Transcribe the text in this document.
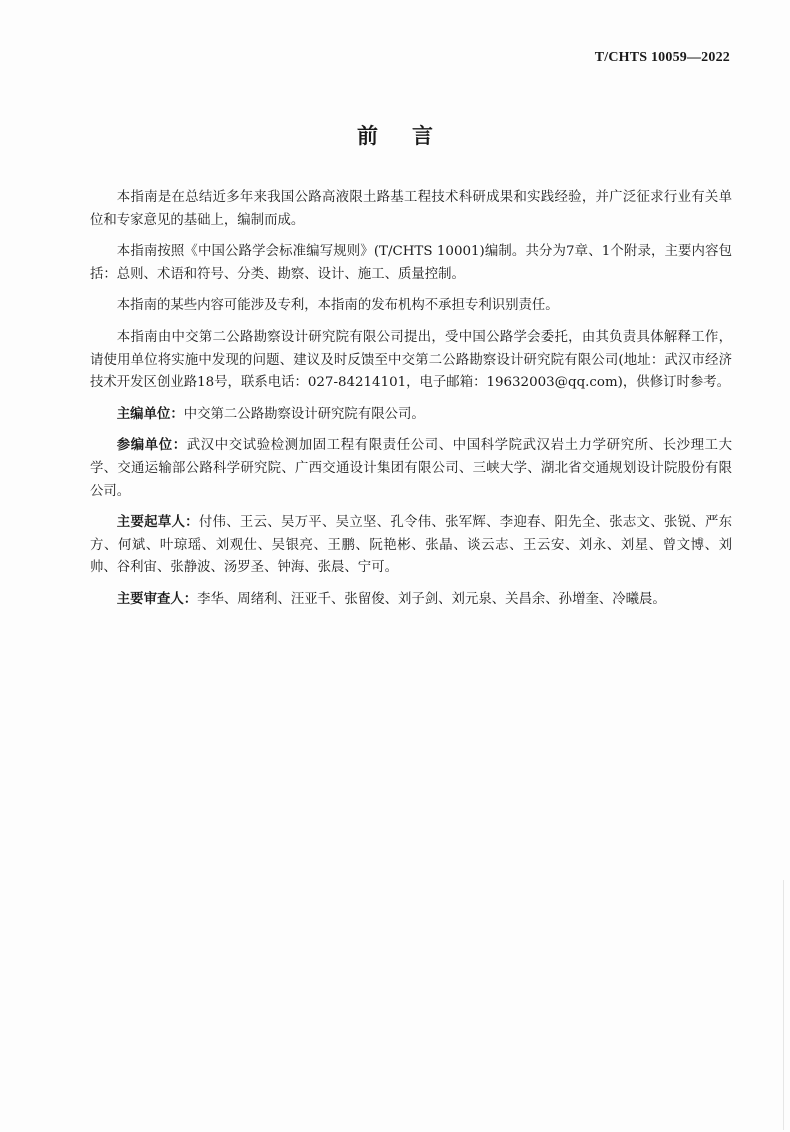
T/CHTS 10059—2022
前言

本指南是在总结近多年来我国公路高液限土路基工程技术科研成果和实践经验，并广泛征求行业有关单位和专家意见的基础上，编制而成。

本指南按照《中国公路学会标准编写规则》(T/CHTS 10001)编制。共分为7章、1个附录，主要内容包括：总则、术语和符号、分类、勘察、设计、施工、质量控制。

本指南的某些内容可能涉及专利，本指南的发布机构不承担专利识别责任。

本指南由中交第二公路勘察设计研究院有限公司提出，受中国公路学会委托，由其负责具体解释工作，请使用单位将实施中发现的问题、建议及时反馈至中交第二公路勘察设计研究院有限公司(地址：武汉市经济技术开发区创业路18号，联系电话：027-84214101，电子邮箱：19632003@qq.com)，供修订时参考。

主编单位：中交第二公路勘察设计研究院有限公司。

参编单位：武汉中交试验检测加固工程有限责任公司、中国科学院武汉岩土力学研究所、长沙理工大学、交通运输部公路科学研究院、广西交通设计集团有限公司、三峡大学、湖北省交通规划设计院股份有限公司。

主要起草人：付伟、王云、吴万平、吴立坚、孔令伟、张军辉、李迎春、阳先全、张志文、张锐、严东方、何斌、叶琼瑶、刘观仕、吴银亮、王鹏、阮艳彬、张晶、谈云志、王云安、刘永、刘星、曾文博、刘帅、谷利宙、张静波、汤罗圣、钟海、张晨、宁可。

主要审查人：李华、周绪利、汪亚千、张留俊、刘子剑、刘元泉、关昌余、孙增奎、冷曦晨。
